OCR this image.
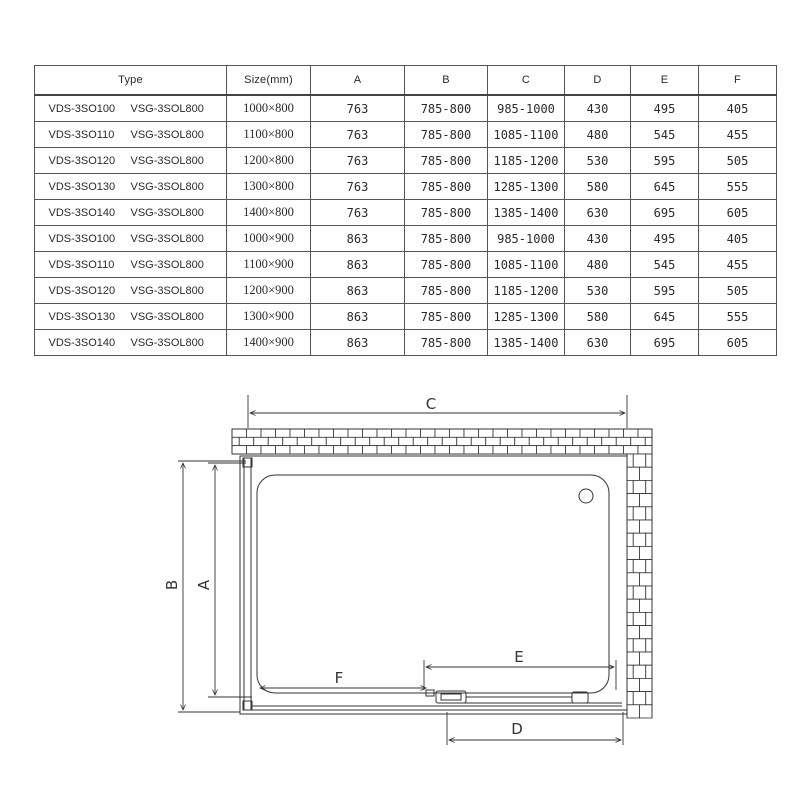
Type	Size(mm)	A	B	C	D	E	F
VDS-3SO100 VSG-3SOL800	1000×800	763	785-800	985-1000	430	495	405
VDS-3SO110 VSG-3SOL800	1100×800	763	785-800	1085-1100	480	545	455
VDS-3SO120 VSG-3SOL800	1200×800	763	785-800	1185-1200	530	595	505
VDS-3SO130 VSG-3SOL800	1300×800	763	785-800	1285-1300	580	645	555
VDS-3SO140 VSG-3SOL800	1400×800	763	785-800	1385-1400	630	695	605
VDS-3SO100 VSG-3SOL800	1000×900	863	785-800	985-1000	430	495	405
VDS-3SO110 VSG-3SOL800	1100×900	863	785-800	1085-1100	480	545	455
VDS-3SO120 VSG-3SOL800	1200×900	863	785-800	1185-1200	530	595	505
VDS-3SO130 VSG-3SOL800	1300×900	863	785-800	1285-1300	580	645	555
VDS-3SO140 VSG-3SOL800	1400×900	863	785-800	1385-1400	630	695	605
C
F
E
D
B A
